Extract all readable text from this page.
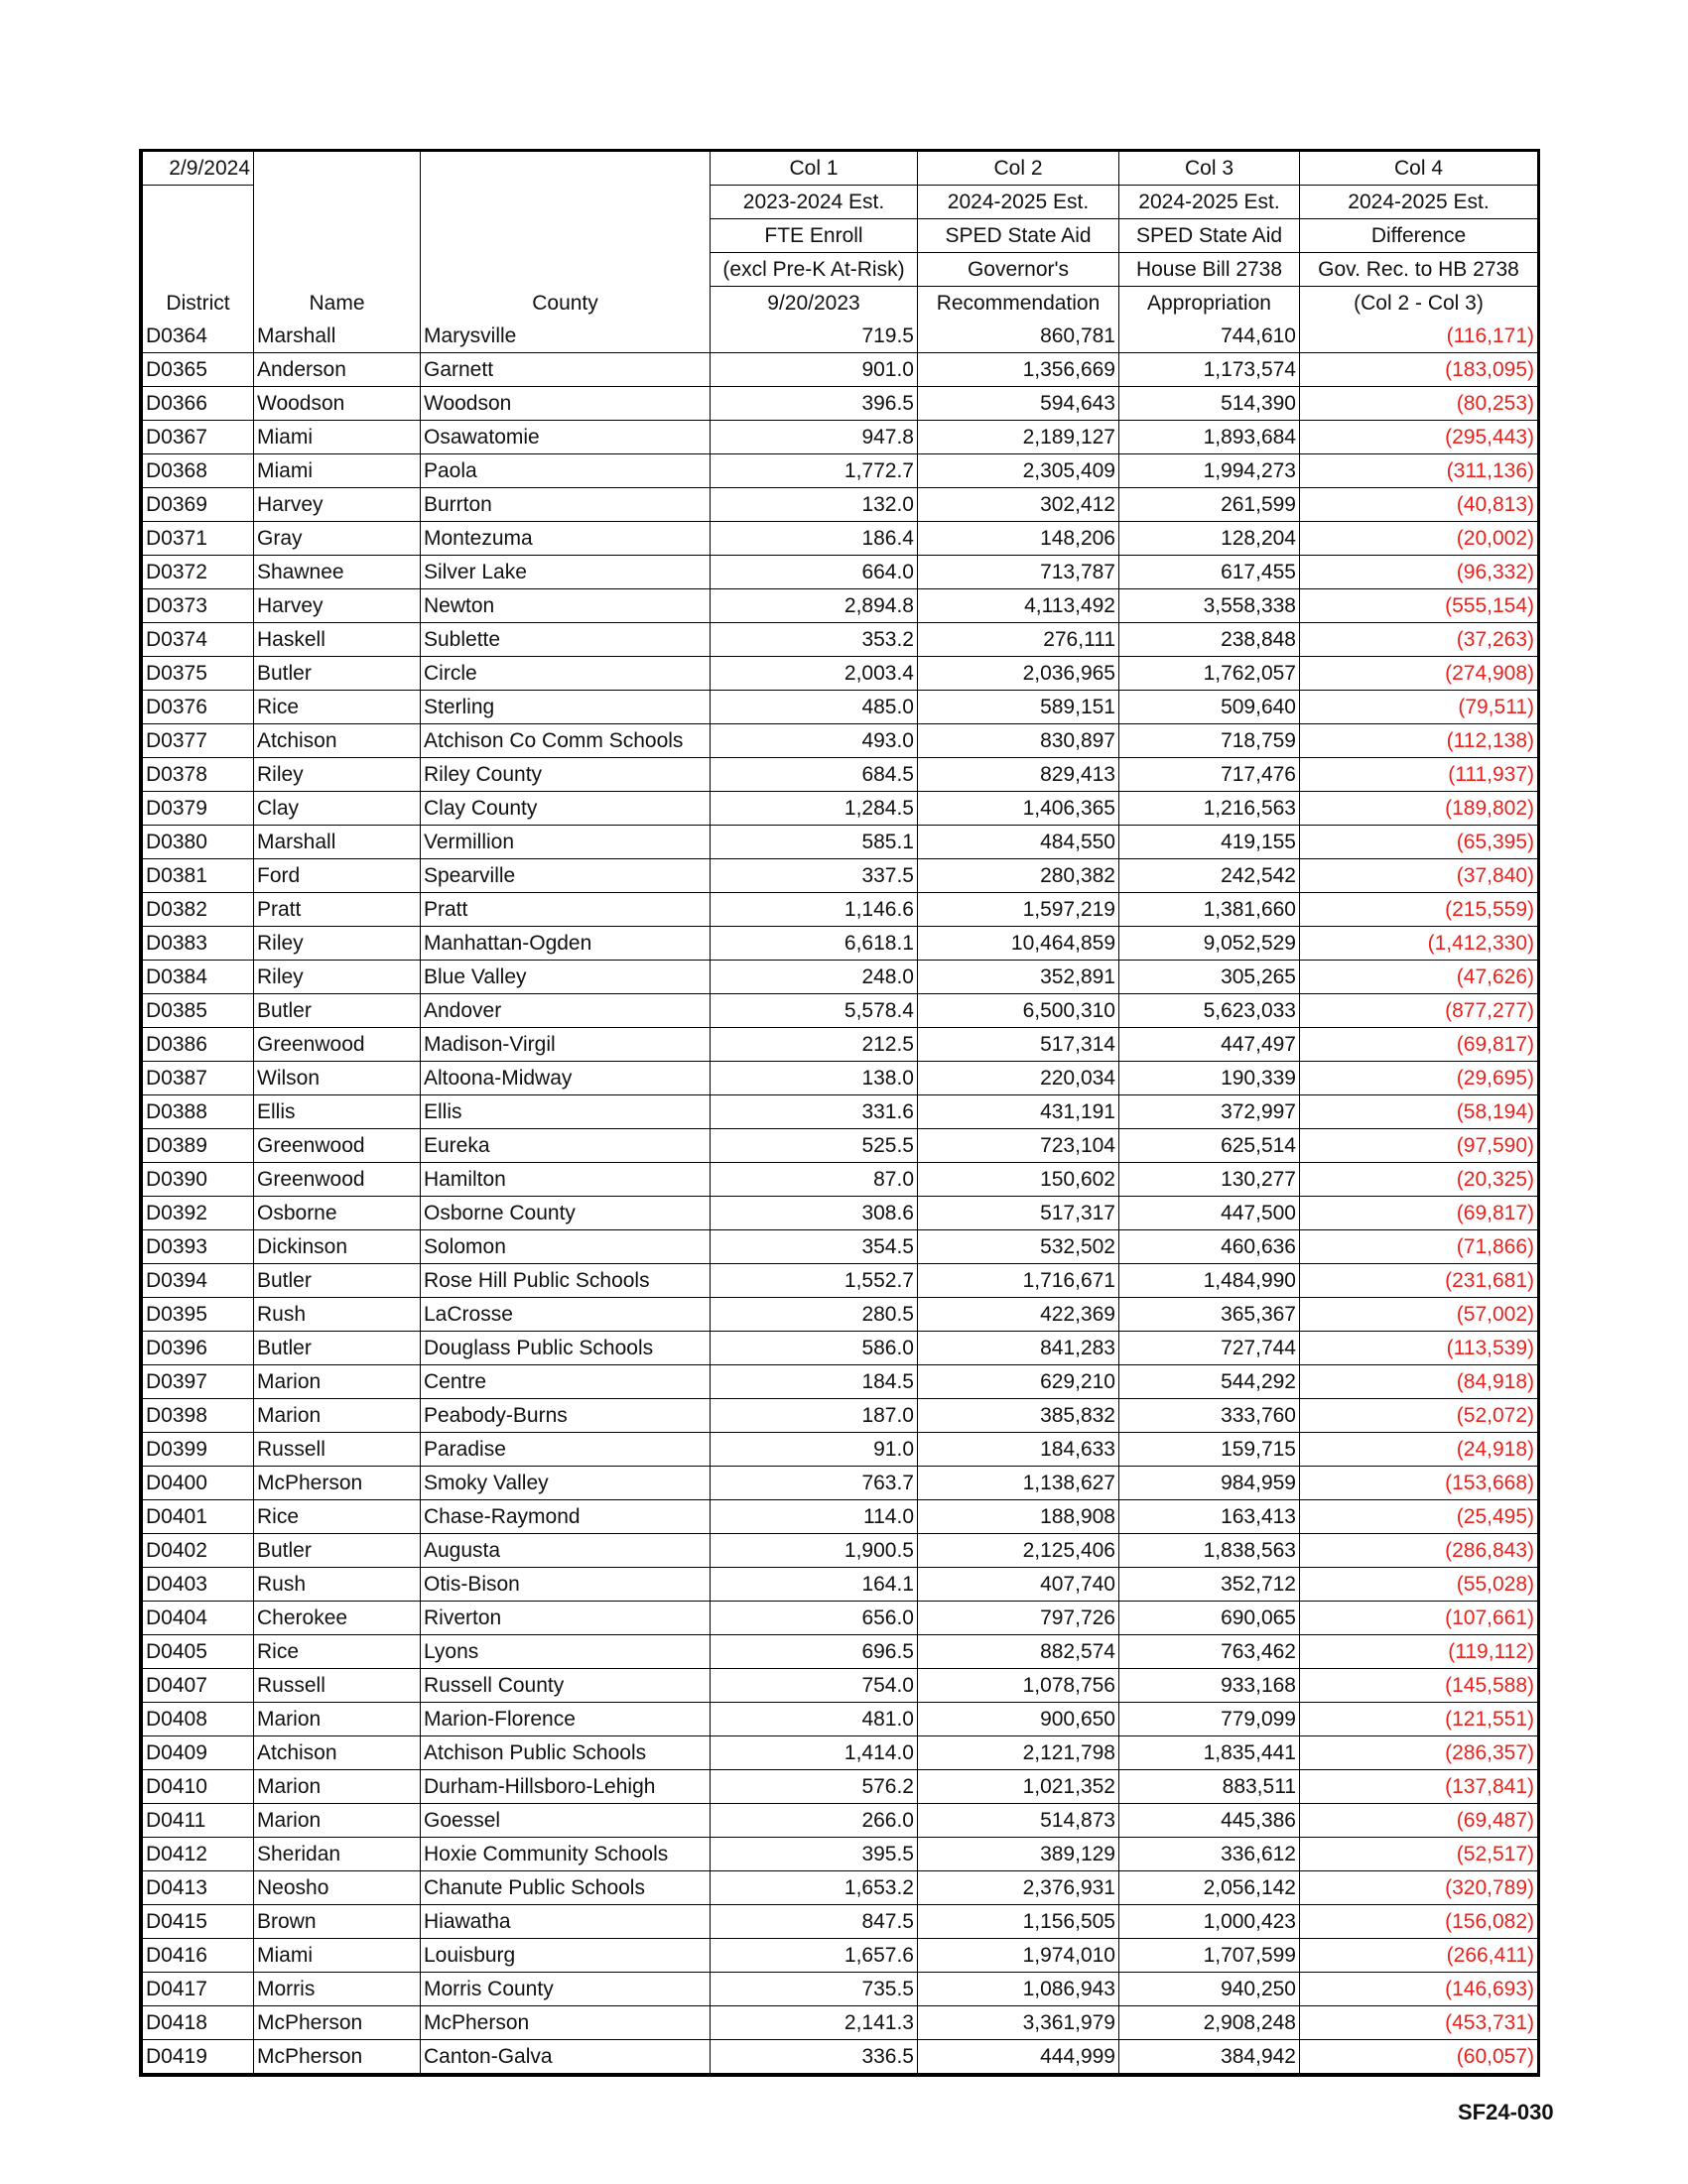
2/9/2024			Col 1	Col 2	Col 3	Col 4
			2023-2024 Est.	2024-2025 Est.	2024-2025 Est.	2024-2025 Est.
			FTE Enroll	SPED State Aid	SPED State Aid	Difference
			(excl Pre-K At-Risk)	Governor's	House Bill 2738	Gov. Rec. to HB 2738
District	Name	County	9/20/2023	Recommendation	Appropriation	(Col 2 - Col 3)
D0364	Marshall	Marysville	719.5	860,781	744,610	(116,171)
D0365	Anderson	Garnett	901.0	1,356,669	1,173,574	(183,095)
D0366	Woodson	Woodson	396.5	594,643	514,390	(80,253)
D0367	Miami	Osawatomie	947.8	2,189,127	1,893,684	(295,443)
D0368	Miami	Paola	1,772.7	2,305,409	1,994,273	(311,136)
D0369	Harvey	Burrton	132.0	302,412	261,599	(40,813)
D0371	Gray	Montezuma	186.4	148,206	128,204	(20,002)
D0372	Shawnee	Silver Lake	664.0	713,787	617,455	(96,332)
D0373	Harvey	Newton	2,894.8	4,113,492	3,558,338	(555,154)
D0374	Haskell	Sublette	353.2	276,111	238,848	(37,263)
D0375	Butler	Circle	2,003.4	2,036,965	1,762,057	(274,908)
D0376	Rice	Sterling	485.0	589,151	509,640	(79,511)
D0377	Atchison	Atchison Co Comm Schools	493.0	830,897	718,759	(112,138)
D0378	Riley	Riley County	684.5	829,413	717,476	(111,937)
D0379	Clay	Clay County	1,284.5	1,406,365	1,216,563	(189,802)
D0380	Marshall	Vermillion	585.1	484,550	419,155	(65,395)
D0381	Ford	Spearville	337.5	280,382	242,542	(37,840)
D0382	Pratt	Pratt	1,146.6	1,597,219	1,381,660	(215,559)
D0383	Riley	Manhattan-Ogden	6,618.1	10,464,859	9,052,529	(1,412,330)
D0384	Riley	Blue Valley	248.0	352,891	305,265	(47,626)
D0385	Butler	Andover	5,578.4	6,500,310	5,623,033	(877,277)
D0386	Greenwood	Madison-Virgil	212.5	517,314	447,497	(69,817)
D0387	Wilson	Altoona-Midway	138.0	220,034	190,339	(29,695)
D0388	Ellis	Ellis	331.6	431,191	372,997	(58,194)
D0389	Greenwood	Eureka	525.5	723,104	625,514	(97,590)
D0390	Greenwood	Hamilton	87.0	150,602	130,277	(20,325)
D0392	Osborne	Osborne County	308.6	517,317	447,500	(69,817)
D0393	Dickinson	Solomon	354.5	532,502	460,636	(71,866)
D0394	Butler	Rose Hill Public Schools	1,552.7	1,716,671	1,484,990	(231,681)
D0395	Rush	LaCrosse	280.5	422,369	365,367	(57,002)
D0396	Butler	Douglass Public Schools	586.0	841,283	727,744	(113,539)
D0397	Marion	Centre	184.5	629,210	544,292	(84,918)
D0398	Marion	Peabody-Burns	187.0	385,832	333,760	(52,072)
D0399	Russell	Paradise	91.0	184,633	159,715	(24,918)
D0400	McPherson	Smoky Valley	763.7	1,138,627	984,959	(153,668)
D0401	Rice	Chase-Raymond	114.0	188,908	163,413	(25,495)
D0402	Butler	Augusta	1,900.5	2,125,406	1,838,563	(286,843)
D0403	Rush	Otis-Bison	164.1	407,740	352,712	(55,028)
D0404	Cherokee	Riverton	656.0	797,726	690,065	(107,661)
D0405	Rice	Lyons	696.5	882,574	763,462	(119,112)
D0407	Russell	Russell County	754.0	1,078,756	933,168	(145,588)
D0408	Marion	Marion-Florence	481.0	900,650	779,099	(121,551)
D0409	Atchison	Atchison Public Schools	1,414.0	2,121,798	1,835,441	(286,357)
D0410	Marion	Durham-Hillsboro-Lehigh	576.2	1,021,352	883,511	(137,841)
D0411	Marion	Goessel	266.0	514,873	445,386	(69,487)
D0412	Sheridan	Hoxie Community Schools	395.5	389,129	336,612	(52,517)
D0413	Neosho	Chanute Public Schools	1,653.2	2,376,931	2,056,142	(320,789)
D0415	Brown	Hiawatha	847.5	1,156,505	1,000,423	(156,082)
D0416	Miami	Louisburg	1,657.6	1,974,010	1,707,599	(266,411)
D0417	Morris	Morris County	735.5	1,086,943	940,250	(146,693)
D0418	McPherson	McPherson	2,141.3	3,361,979	2,908,248	(453,731)
D0419	McPherson	Canton-Galva	336.5	444,999	384,942	(60,057)
SF24-030
